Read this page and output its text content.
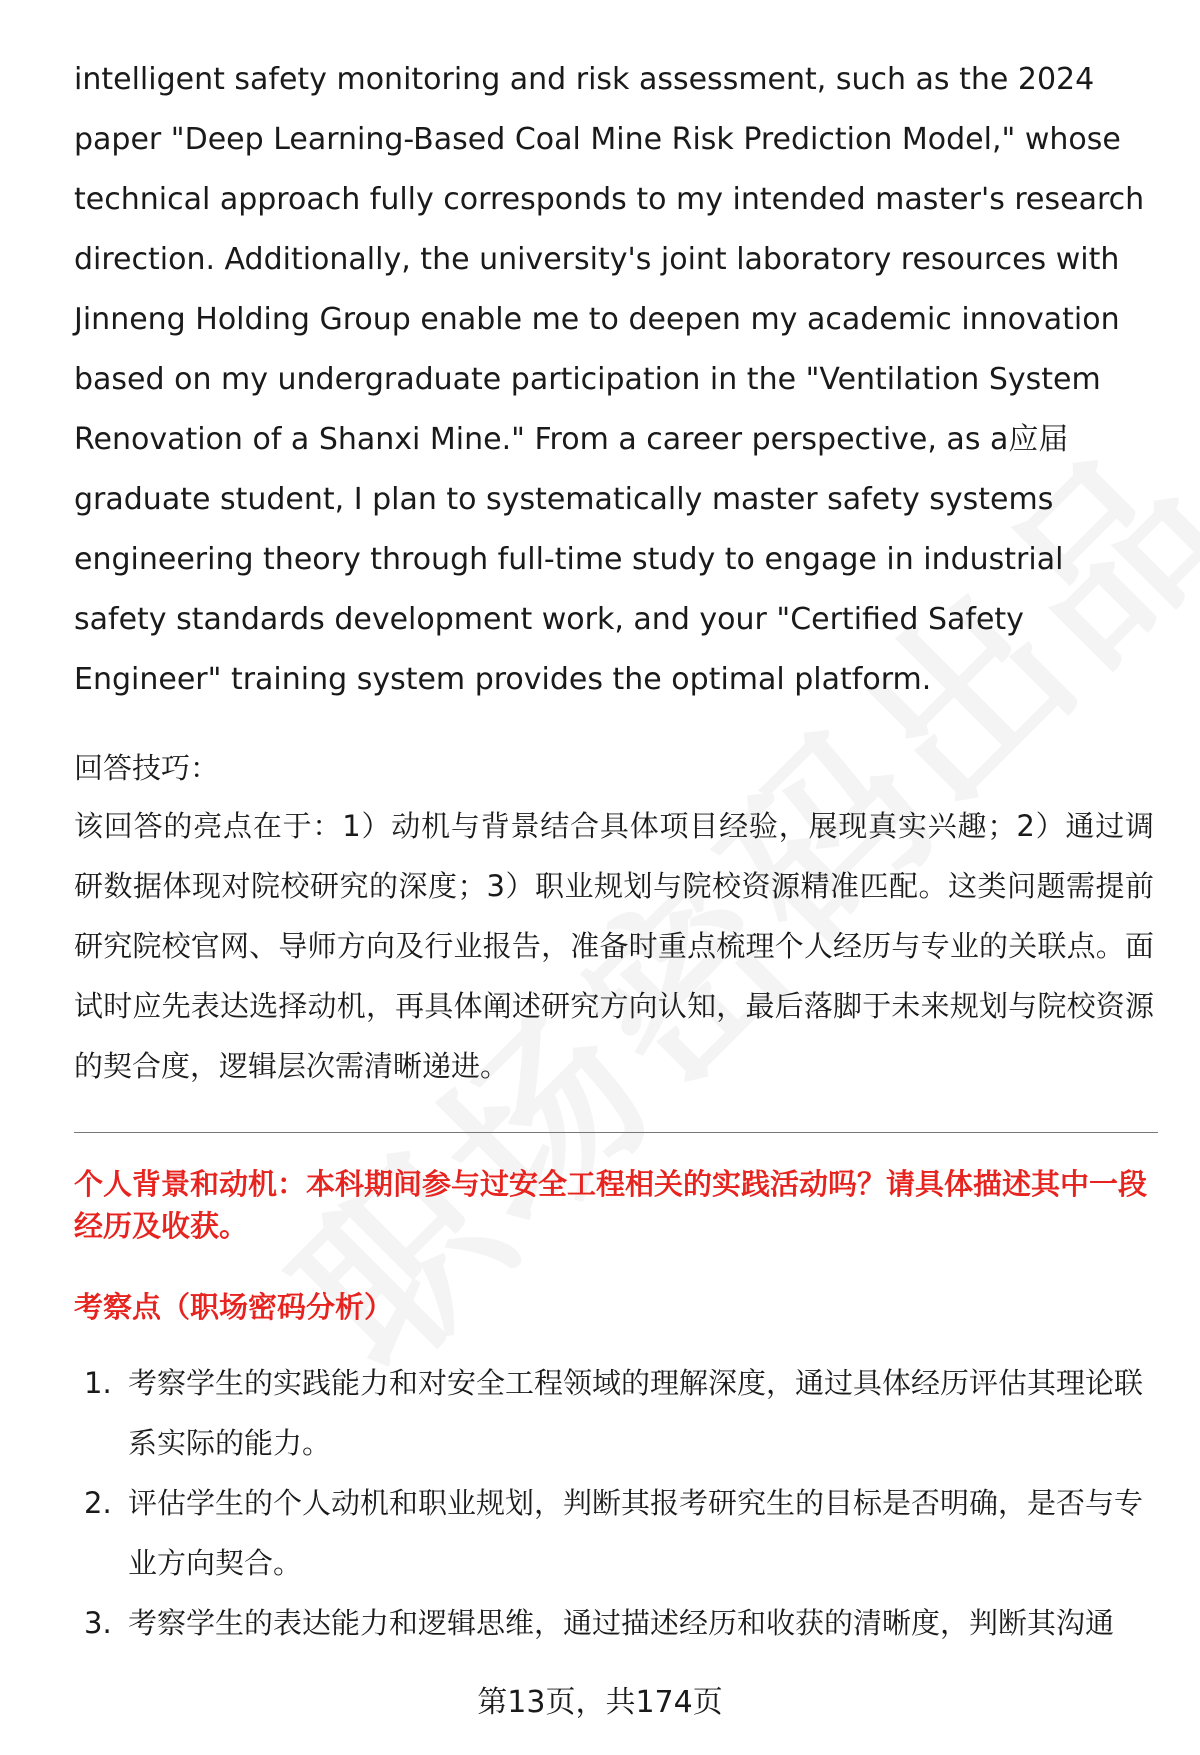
intelligent safety monitoring and risk assessment, such as the 2024 paper "Deep Learning-Based Coal Mine Risk Prediction Model," whose technical approach fully corresponds to my intended master's research direction. Additionally, the university's joint laboratory resources with Jinneng Holding Group enable me to deepen my academic innovation based on my undergraduate participation in the "Ventilation System Renovation of a Shanxi Mine." From a career perspective, as a应届 graduate student, I plan to systematically master safety systems engineering theory through full-time study to engage in industrial safety standards development work, and your "Certified Safety Engineer" training system provides the optimal platform.

回答技巧：

该回答的亮点在于：1）动机与背景结合具体项目经验，展现真实兴趣；2）通过调研数据体现对院校研究的深度；3）职业规划与院校资源精准匹配。这类问题需提前研究院校官网、导师方向及行业报告，准备时重点梳理个人经历与专业的关联点。面试时应先表达选择动机，再具体阐述研究方向认知，最后落脚于未来规划与院校资源的契合度，逻辑层次需清晰递进。

个人背景和动机：本科期间参与过安全工程相关的实践活动吗？请具体描述其中一段经历及收获。

考察点（职场密码分析）
1. 考察学生的实践能力和对安全工程领域的理解深度，通过具体经历评估其理论联系实际的能力。
2. 评估学生的个人动机和职业规划，判断其报考研究生的目标是否明确，是否与专业方向契合。
3. 考察学生的表达能力和逻辑思维，通过描述经历和收获的清晰度，判断其沟通
第13页，共174页
